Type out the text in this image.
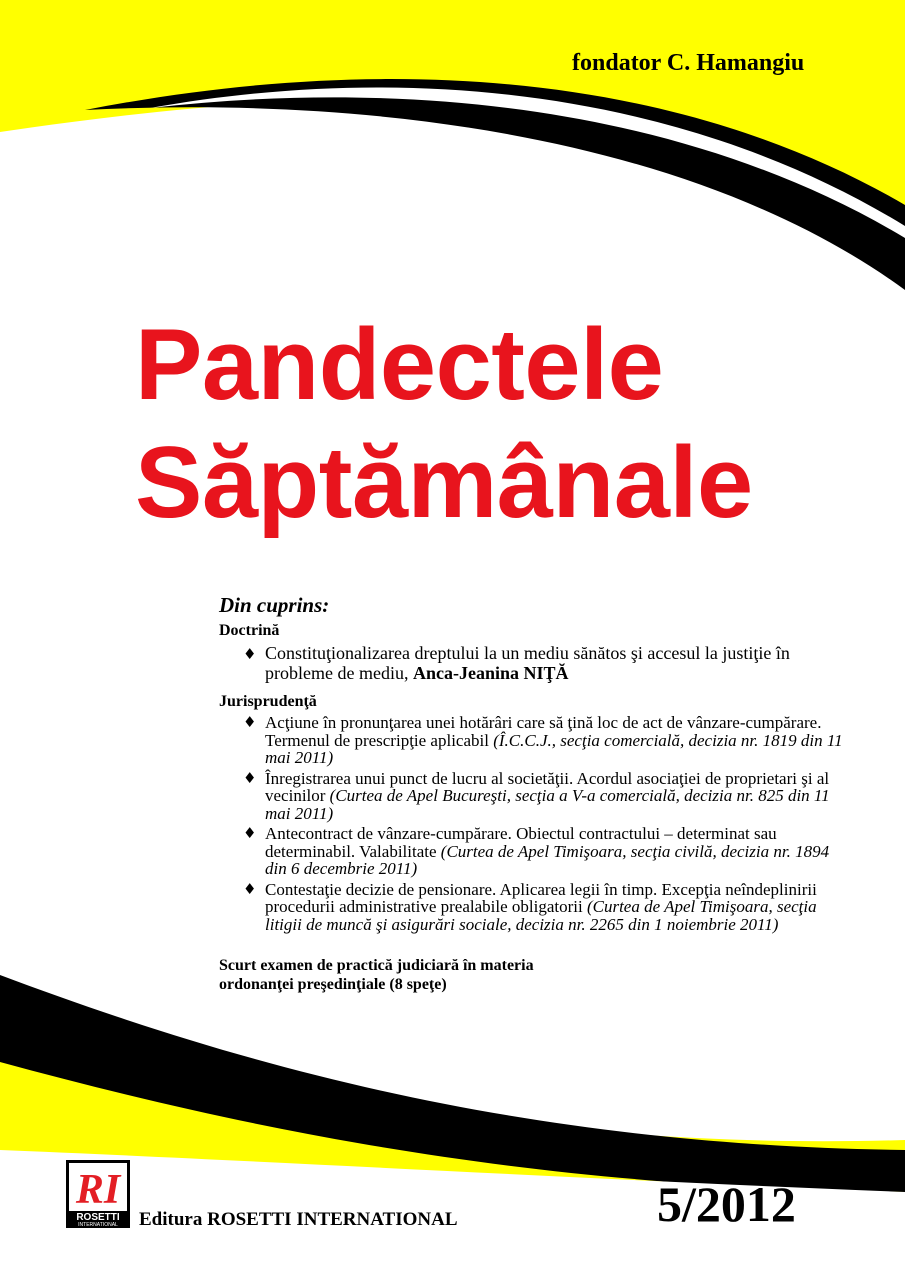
fondator C. Hamangiu
Pandectele
Săptămânale
Din cuprins:
Doctrină
♦ Constituţionalizarea dreptului la un mediu sănătos şi accesul la justiţie în probleme de mediu, Anca-Jeanina NIŢĂ
Jurisprudenţă
♦ Acţiune în pronunţarea unei hotărâri care să ţină loc de act de vânzare-cumpărare. Termenul de prescripţie aplicabil (Î.C.C.J., secţia comercială, decizia nr. 1819 din 11 mai 2011)
♦ Înregistrarea unui punct de lucru al societăţii. Acordul asociaţiei de proprietari şi al vecinilor (Curtea de Apel Bucureşti, secţia a V-a comercială, decizia nr. 825 din 11 mai 2011)
♦ Antecontract de vânzare-cumpărare. Obiectul contractului – determinat sau determinabil. Valabilitate (Curtea de Apel Timişoara, secţia civilă, decizia nr. 1894 din 6 decembrie 2011)
♦ Contestaţie decizie de pensionare. Aplicarea legii în timp. Excepţia neîndeplinirii procedurii administrative prealabile obligatorii (Curtea de Apel Timişoara, secţia litigii de muncă şi asigurări sociale, decizia nr. 2265 din 1 noiembrie 2011)
Scurt examen de practică judiciară în materia
ordonanţei preşedinţiale (8 speţe)
RI
ROSETTI
INTERNATIONAL Editura ROSETTI INTERNATIONAL	5/2012
